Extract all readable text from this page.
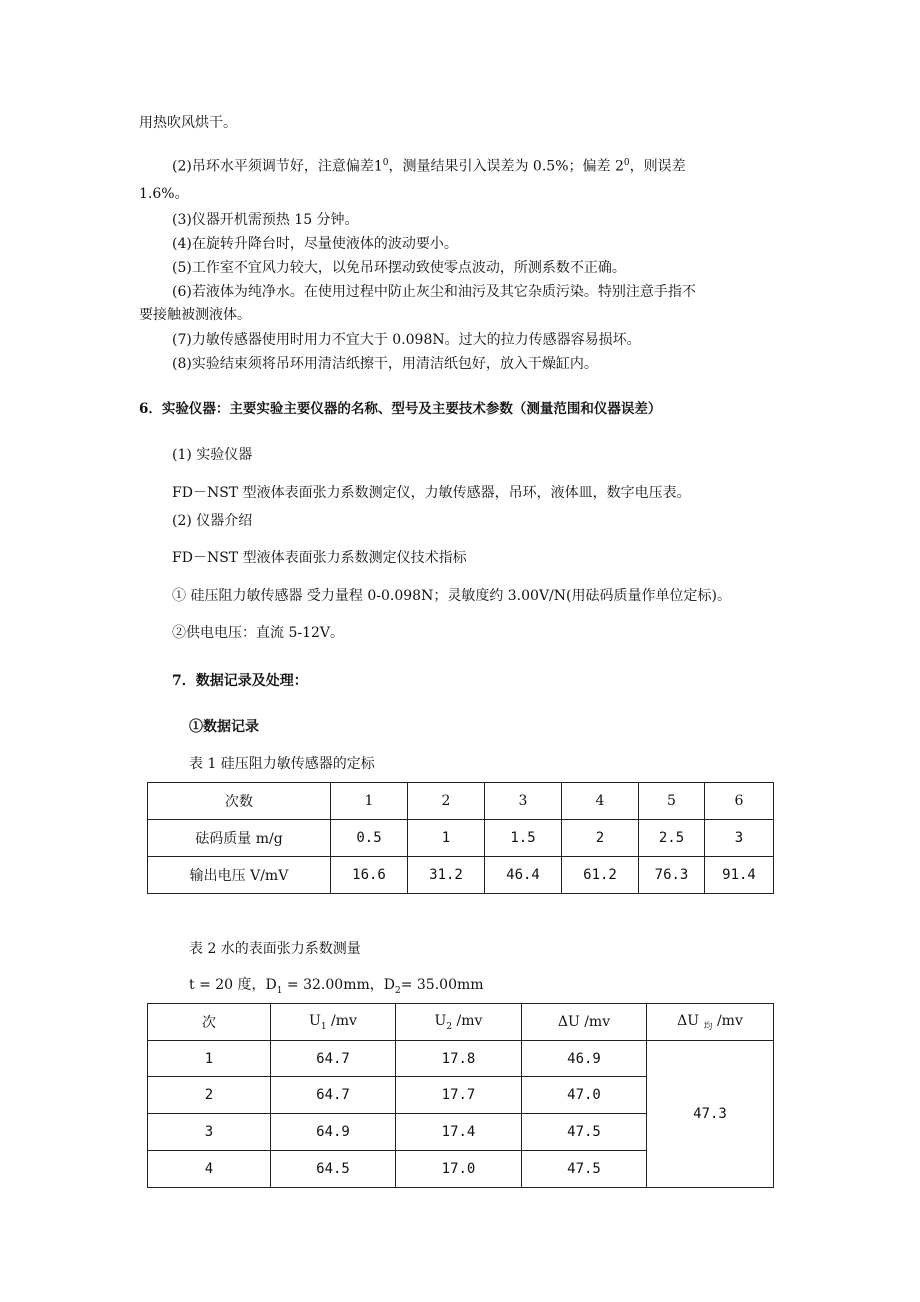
用热吹风烘干。
(2)吊环水平须调节好，注意偏差$1^0$，测量结果引入误差为 0.5%；偏差 $2^0$，则误差
1.6%。
(3)仪器开机需预热 15 分钟。
(4)在旋转升降台时，尽量使液体的波动要小。
(5)工作室不宜风力较大，以免吊环摆动致使零点波动，所测系数不正确。
(6)若液体为纯净水。在使用过程中防止灰尘和油污及其它杂质污染。特别注意手指不
要接触被测液体。
(7)力敏传感器使用时用力不宜大于 0.098N。过大的拉力传感器容易损坏。
(8)实验结束须将吊环用清洁纸擦干，用清洁纸包好，放入干燥缸内。
6．实验仪器：主要实验主要仪器的名称、型号及主要技术参数（测量范围和仪器误差）
(1) 实验仪器
FD－NST 型液体表面张力系数测定仪，力敏传感器，吊环，液体皿，数字电压表。
(2) 仪器介绍
FD－NST 型液体表面张力系数测定仪技术指标
① 硅压阻力敏传感器 受力量程 0-0.098N；灵敏度约 3.00V/N(用砝码质量作单位定标)。
②供电电压：直流 5-12V。
7．数据记录及处理：
①数据记录
表 1 硅压阻力敏传感器的定标
次数	1	2	3	4	5	6
砝码质量 m/g	0.5	1	1.5	2	2.5	3
输出电压 V/mV	16.6	31.2	46.4	61.2	76.3	91.4
表 2 水的表面张力系数测量
t = 20 度，$D_1 = 32.00mm$，$D_2= 35.00mm$
次	$U_1$ /mv	$U_2$ /mv	ΔU /mv	ΔU $_均$ /mv
1	64.7	17.8	46.9	47.3
2	64.7	17.7	47.0	
3	64.9	17.4	47.5	
4	64.5	17.0	47.5	
